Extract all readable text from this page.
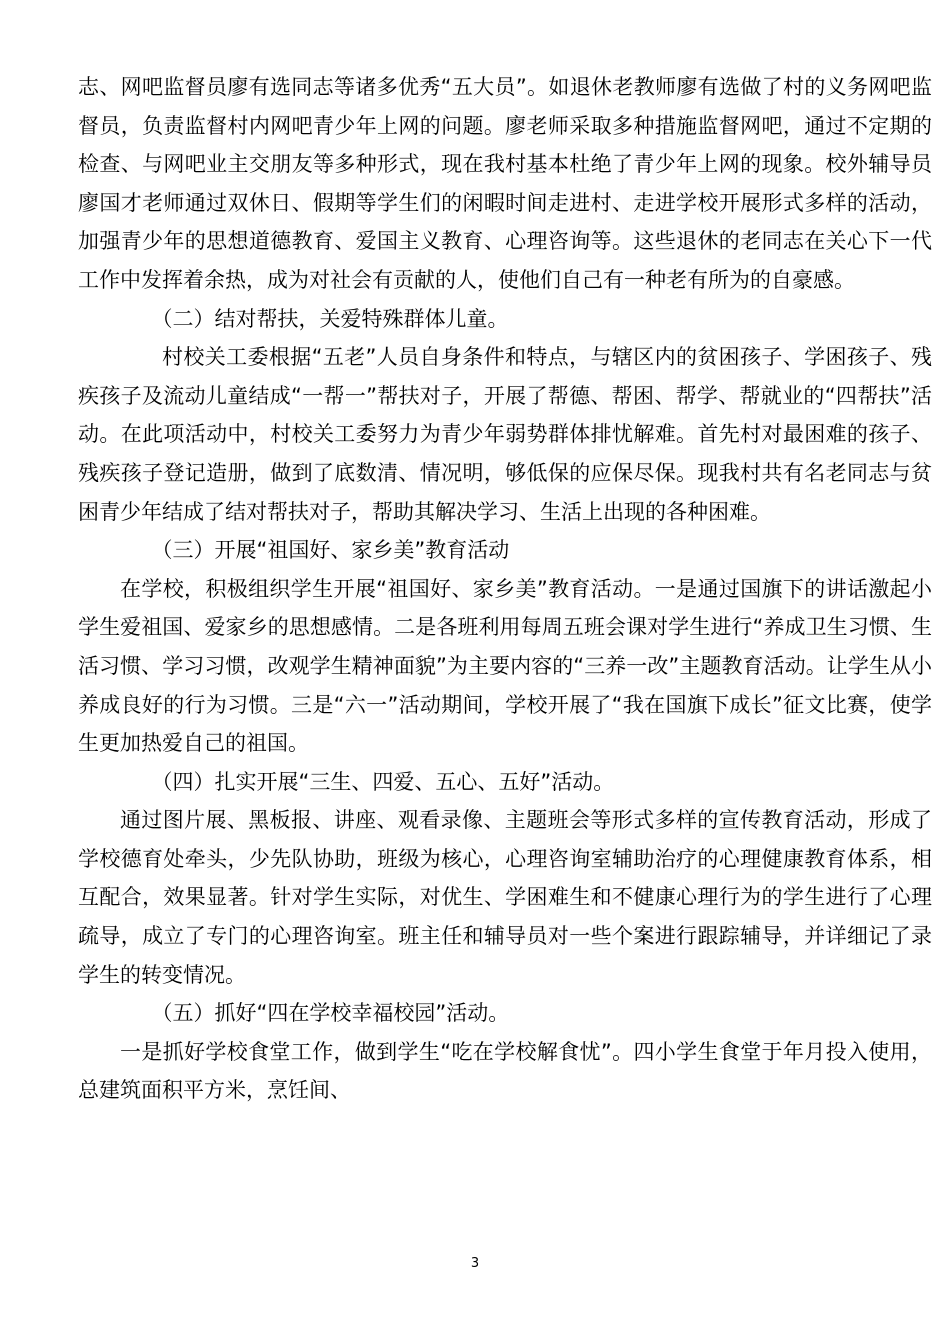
志、网吧监督员廖有选同志等诸多优秀“五大员”。如退休老教师廖有选做了村的义务网吧监督员，负责监督村内网吧青少年上网的问题。廖老师采取多种措施监督网吧，通过不定期的检查、与网吧业主交朋友等多种形式，现在我村基本杜绝了青少年上网的现象。校外辅导员廖国才老师通过双休日、假期等学生们的闲暇时间走进村、走进学校开展形式多样的活动，加强青少年的思想道德教育、爱国主义教育、心理咨询等。这些退休的老同志在关心下一代工作中发挥着余热，成为对社会有贡献的人，使他们自己有一种老有所为的自豪感。

（二）结对帮扶，关爱特殊群体儿童。

村校关工委根据“五老”人员自身条件和特点，与辖区内的贫困孩子、学困孩子、残疾孩子及流动儿童结成“一帮一”帮扶对子，开展了帮德、帮困、帮学、帮就业的“四帮扶”活动。在此项活动中，村校关工委努力为青少年弱势群体排忧解难。首先村对最困难的孩子、残疾孩子登记造册，做到了底数清、情况明，够低保的应保尽保。现我村共有名老同志与贫困青少年结成了结对帮扶对子，帮助其解决学习、生活上出现的各种困难。

（三）开展“祖国好、家乡美”教育活动

在学校，积极组织学生开展“祖国好、家乡美”教育活动。一是通过国旗下的讲话激起小学生爱祖国、爱家乡的思想感情。二是各班利用每周五班会课对学生进行“养成卫生习惯、生活习惯、学习习惯，改观学生精神面貌”为主要内容的“三养一改”主题教育活动。让学生从小养成良好的行为习惯。三是“六一”活动期间，学校开展了“我在国旗下成长”征文比赛，使学生更加热爱自己的祖国。

（四）扎实开展“三生、四爱、五心、五好”活动。

通过图片展、黑板报、讲座、观看录像、主题班会等形式多样的宣传教育活动，形成了学校德育处牵头，少先队协助，班级为核心，心理咨询室辅助治疗的心理健康教育体系，相互配合，效果显著。针对学生实际，对优生、学困难生和不健康心理行为的学生进行了心理疏导，成立了专门的心理咨询室。班主任和辅导员对一些个案进行跟踪辅导，并详细记了录学生的转变情况。

（五）抓好“四在学校幸福校园”活动。

一是抓好学校食堂工作，做到学生“吃在学校解食忧”。四小学生食堂于年月投入使用，总建筑面积平方米，烹饪间、

3
